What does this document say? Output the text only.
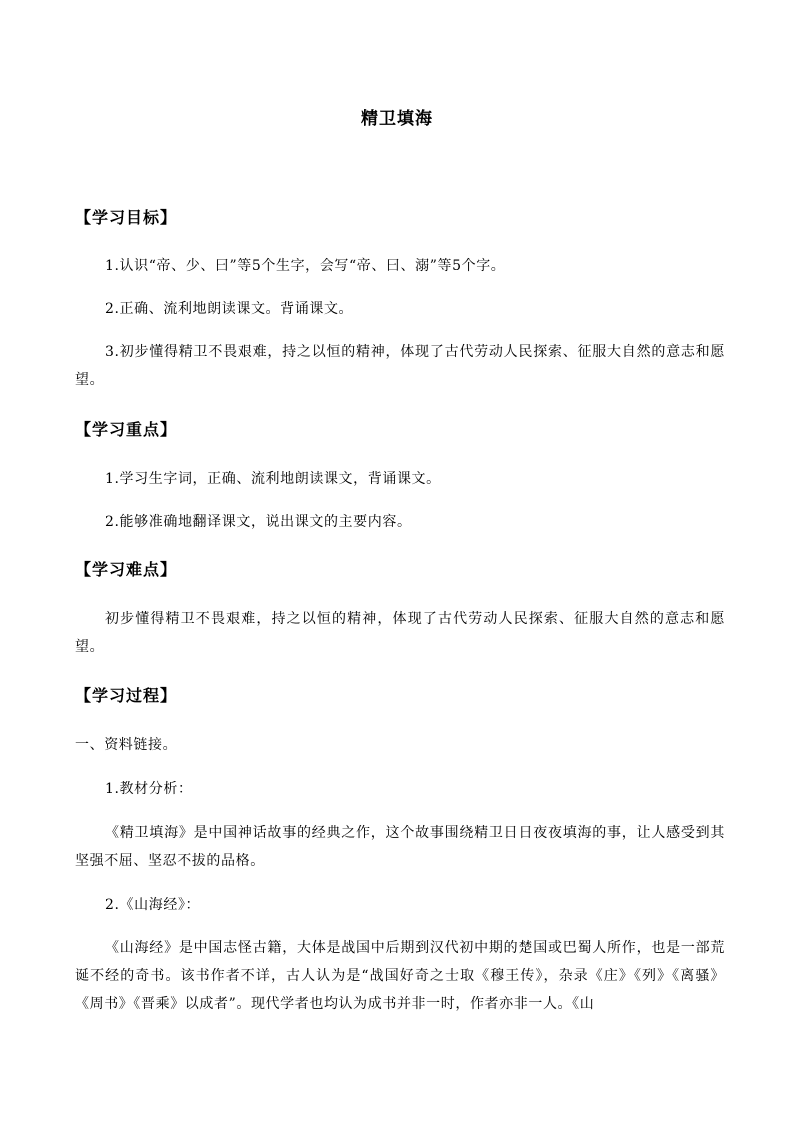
精卫填海
【学习目标】
1.认识“帝、少、曰”等5个生字，会写“帝、曰、溺”等5个字。
2.正确、流利地朗读课文。背诵课文。
3.初步懂得精卫不畏艰难，持之以恒的精神，体现了古代劳动人民探索、征服大自然的意志和愿望。
【学习重点】
1.学习生字词，正确、流利地朗读课文，背诵课文。
2.能够准确地翻译课文，说出课文的主要内容。
【学习难点】
初步懂得精卫不畏艰难，持之以恒的精神，体现了古代劳动人民探索、征服大自然的意志和愿望。
【学习过程】
一、资料链接。
1.教材分析：
《精卫填海》是中国神话故事的经典之作，这个故事围绕精卫日日夜夜填海的事，让人感受到其坚强不屈、坚忍不拔的品格。
2.《山海经》：
《山海经》是中国志怪古籍，大体是战国中后期到汉代初中期的楚国或巴蜀人所作，也是一部荒诞不经的奇书。该书作者不详，古人认为是“战国好奇之士取《穆王传》，杂录《庄》《列》《离骚》《周书》《晋乘》以成者”。现代学者也均认为成书并非一时，作者亦非一人。《山
